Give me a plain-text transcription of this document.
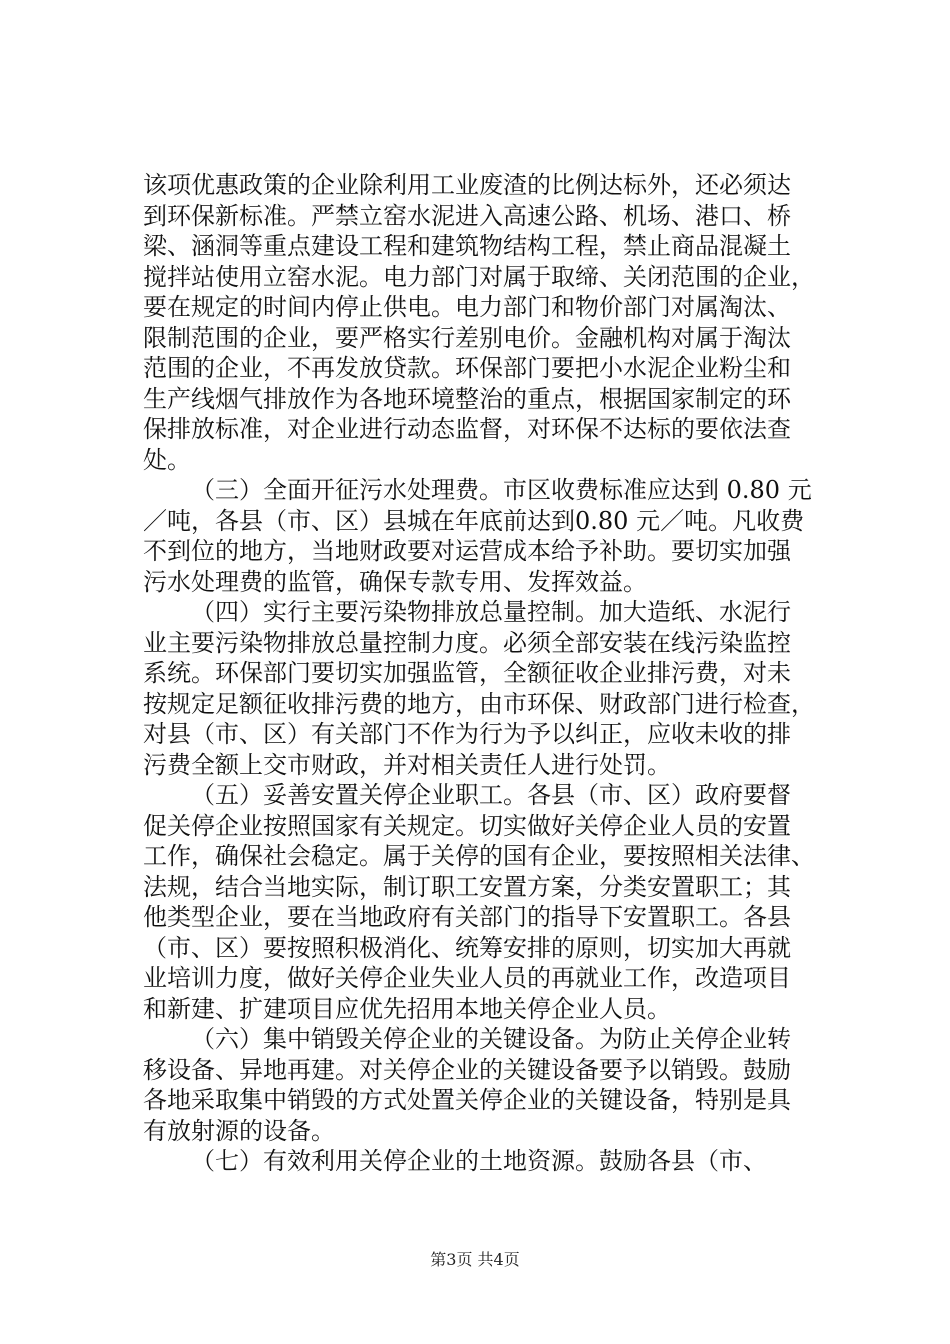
该项优惠政策的企业除利用工业废渣的比例达标外，还必须达
到环保新标准。严禁立窑水泥进入高速公路、机场、港口、桥
梁、涵洞等重点建设工程和建筑物结构工程，禁止商品混凝土
搅拌站使用立窑水泥。电力部门对属于取缔、关闭范围的企业，
要在规定的时间内停止供电。电力部门和物价部门对属淘汰、
限制范围的企业，要严格实行差别电价。金融机构对属于淘汰
范围的企业，不再发放贷款。环保部门要把小水泥企业粉尘和
生产线烟气排放作为各地环境整治的重点，根据国家制定的环
保排放标准，对企业进行动态监督，对环保不达标的要依法查
处。
（三）全面开征污水处理费。市区收费标准应达到 0.80 元
／吨，各县（市、区）县城在年底前达到0.80 元／吨。凡收费
不到位的地方，当地财政要对运营成本给予补助。要切实加强
污水处理费的监管，确保专款专用、发挥效益。
（四）实行主要污染物排放总量控制。加大造纸、水泥行
业主要污染物排放总量控制力度。必须全部安装在线污染监控
系统。环保部门要切实加强监管，全额征收企业排污费，对未
按规定足额征收排污费的地方，由市环保、财政部门进行检查，
对县（市、区）有关部门不作为行为予以纠正，应收未收的排
污费全额上交市财政，并对相关责任人进行处罚。
（五）妥善安置关停企业职工。各县（市、区）政府要督
促关停企业按照国家有关规定。切实做好关停企业人员的安置
工作，确保社会稳定。属于关停的国有企业，要按照相关法律、
法规，结合当地实际，制订职工安置方案，分类安置职工；其
他类型企业，要在当地政府有关部门的指导下安置职工。各县
（市、区）要按照积极消化、统筹安排的原则，切实加大再就
业培训力度，做好关停企业失业人员的再就业工作，改造项目
和新建、扩建项目应优先招用本地关停企业人员。
（六）集中销毁关停企业的关键设备。为防止关停企业转
移设备、异地再建。对关停企业的关键设备要予以销毁。鼓励
各地采取集中销毁的方式处置关停企业的关键设备，特别是具
有放射源的设备。
（七）有效利用关停企业的土地资源。鼓励各县（市、
第3页 共4页
